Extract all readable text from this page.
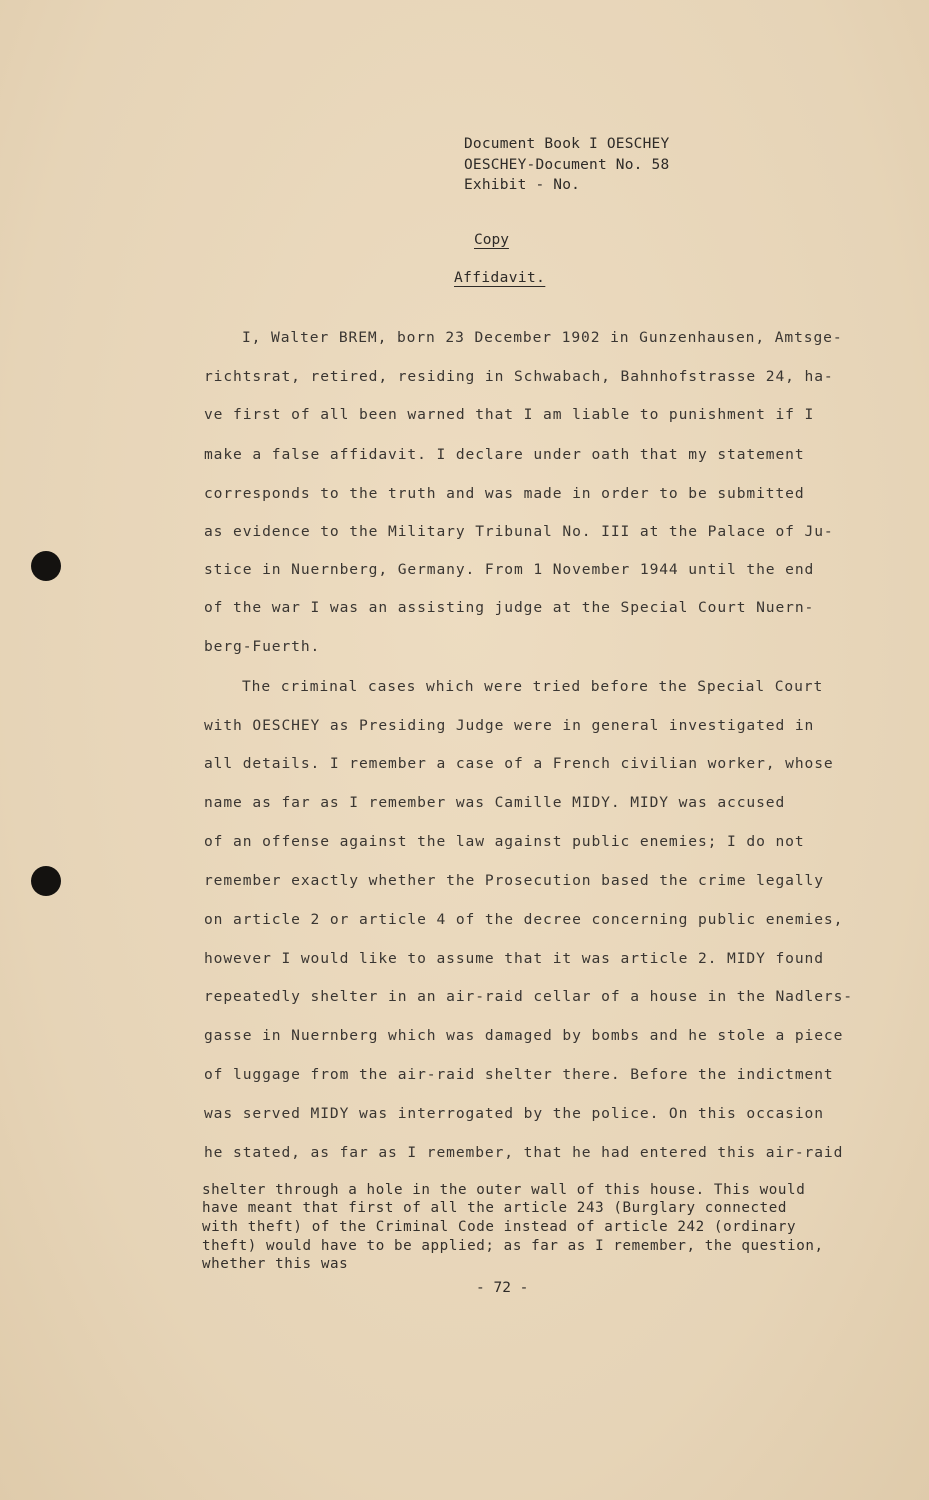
Document Book I OESCHEY
OESCHEY-Document No. 58
Exhibit - No.
Copy
Affidavit.
I, Walter BREM, born 23 December 1902 in Gunzenhausen, Amtsge-
richtsrat, retired, residing in Schwabach, Bahnhofstrasse 24, ha-
ve first of all been warned that I am liable to punishment if I
make a false affidavit. I declare under oath that my statement
corresponds to the truth and was made in order to be submitted
as evidence to the Military Tribunal No. III at the Palace of Ju-
stice in Nuernberg, Germany. From 1 November 1944 until the end
of the war I was an assisting judge at the Special Court Nuern-
berg-Fuerth.
The criminal cases which were tried before the Special Court
with OESCHEY as Presiding Judge were in general investigated in
all details. I remember a case of a French civilian worker, whose
name as far as I remember was Camille MIDY. MIDY was accused
of an offense against the law against public enemies; I do not
remember exactly whether the Prosecution based the crime legally
on article 2 or article 4 of the decree concerning public enemies,
however I would like to assume that it was article 2. MIDY found
repeatedly shelter in an air-raid cellar of a house in the Nadlers-
gasse in Nuernberg which was damaged by bombs and he stole a piece
of luggage from the air-raid shelter there. Before the indictment
was served MIDY was interrogated by the police. On this occasion
he stated, as far as I remember, that he had entered this air-raid
shelter through a hole in the outer wall of this house. This would
have meant that first of all the article 243 (Burglary connected
with theft) of the Criminal Code instead of article 242 (ordinary
theft) would have to be applied; as far as I remember, the question,
whether this was
- 72 -
